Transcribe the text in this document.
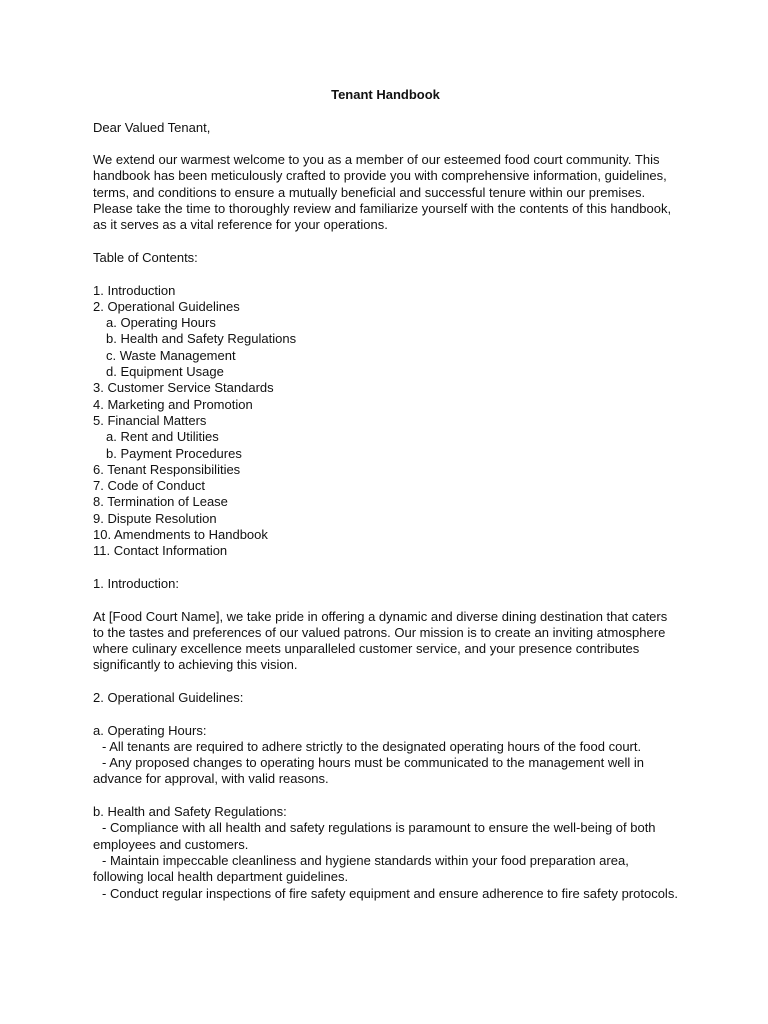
Tenant Handbook

Dear Valued Tenant,

We extend our warmest welcome to you as a member of our esteemed food court community. This handbook has been meticulously crafted to provide you with comprehensive information, guidelines, terms, and conditions to ensure a mutually beneficial and successful tenure within our premises. Please take the time to thoroughly review and familiarize yourself with the contents of this handbook, as it serves as a vital reference for your operations.

Table of Contents:

1. Introduction
2. Operational Guidelines
a. Operating Hours
b. Health and Safety Regulations
c. Waste Management
d. Equipment Usage
3. Customer Service Standards
4. Marketing and Promotion
5. Financial Matters
a. Rent and Utilities
b. Payment Procedures
6. Tenant Responsibilities
7. Code of Conduct
8. Termination of Lease
9. Dispute Resolution
10. Amendments to Handbook
11. Contact Information

1. Introduction:

At [Food Court Name], we take pride in offering a dynamic and diverse dining destination that caters to the tastes and preferences of our valued patrons. Our mission is to create an inviting atmosphere where culinary excellence meets unparalleled customer service, and your presence contributes significantly to achieving this vision.

2. Operational Guidelines:

a. Operating Hours:
- All tenants are required to adhere strictly to the designated operating hours of the food court.
- Any proposed changes to operating hours must be communicated to the management well in advance for approval, with valid reasons.
b. Health and Safety Regulations:
- Compliance with all health and safety regulations is paramount to ensure the well-being of both employees and customers.
- Maintain impeccable cleanliness and hygiene standards within your food preparation area, following local health department guidelines.
- Conduct regular inspections of fire safety equipment and ensure adherence to fire safety protocols.
